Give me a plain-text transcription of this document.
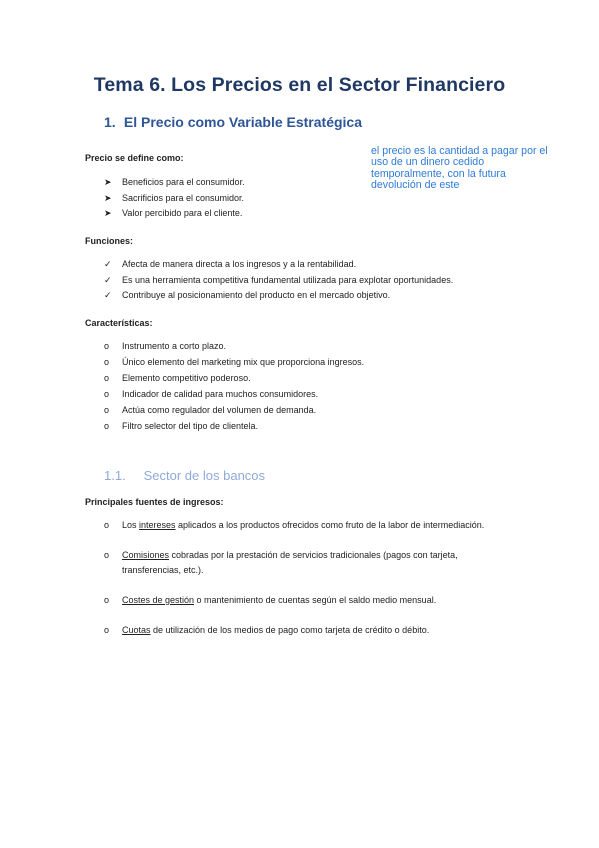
Tema 6. Los Precios en el Sector Financiero
1. El Precio como Variable Estratégica
el precio es la cantidad a pagar por el uso de un dinero cedido temporalmente, con la futura devolución de este
Precio se define como:
➤	Beneficios para el consumidor.
➤	Sacrificios para el consumidor.
➤	Valor percibido para el cliente.
Funciones:
✓	Afecta de manera directa a los ingresos y a la rentabilidad.
✓	Es una herramienta competitiva fundamental utilizada para explotar oportunidades.
✓	Contribuye al posicionamiento del producto en el mercado objetivo.
Características:
o	Instrumento a corto plazo.
o	Único elemento del marketing mix que proporciona ingresos.
o	Elemento competitivo poderoso.
o	Indicador de calidad para muchos consumidores.
o	Actúa como regulador del volumen de demanda.
o	Filtro selector del tipo de clientela.
1.1. Sector de los bancos
Principales fuentes de ingresos:
o	Los intereses aplicados a los productos ofrecidos como fruto de la labor de intermediación.
o	Comisiones cobradas por la prestación de servicios tradicionales (pagos con tarjeta, transferencias, etc.).
o	Costes de gestión o mantenimiento de cuentas según el saldo medio mensual.
o	Cuotas de utilización de los medios de pago como tarjeta de crédito o débito.
